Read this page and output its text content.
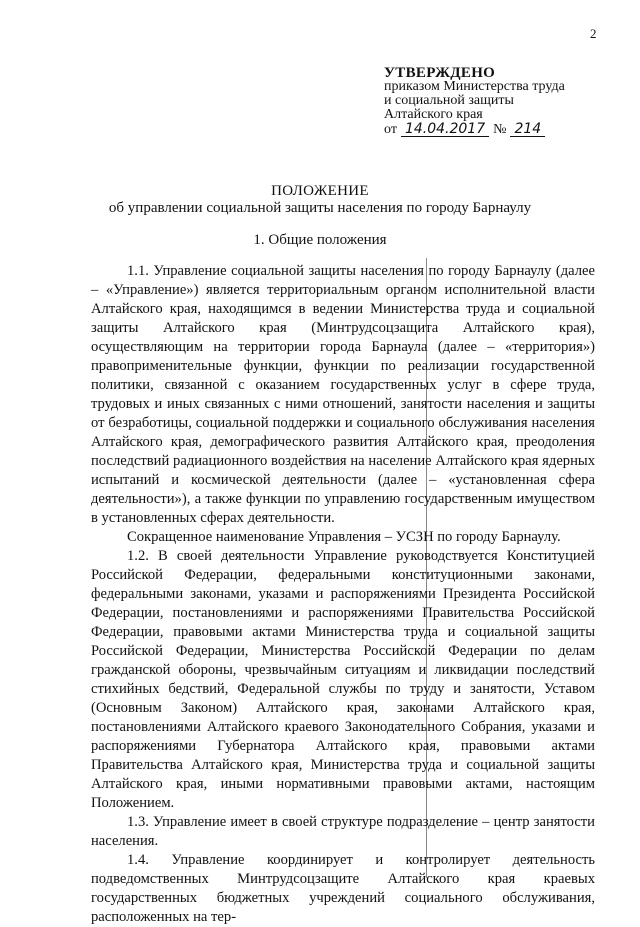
2
УТВЕРЖДЕНО
приказом Министерства труда
и социальной защиты
Алтайского края
от 14.04.2017 № 214
ПОЛОЖЕНИЕ
об управлении социальной защиты населения по городу Барнаулу
1. Общие положения

1.1. Управление социальной защиты населения по городу Барнаулу (далее – «Управление») является территориальным органом исполнительной власти Алтайского края, находящимся в ведении Министерства труда и социальной защиты Алтайского края (Минтрудсоцзащита Алтайского края), осуществляющим на территории города Барнаула (далее – «территория») правоприменительные функции, функции по реализации государственной политики, связанной с оказанием государственных услуг в сфере труда, трудовых и иных связанных с ними отношений, занятости населения и защиты от безработицы, социальной поддержки и социального обслуживания населения Алтайского края, демографического развития Алтайского края, преодоления последствий радиационного воздействия на население Алтайского края ядерных испытаний и космической деятельности (далее – «установленная сфера деятельности»), а также функции по управлению государственным имуществом в установленных сферах деятельности.

Сокращенное наименование Управления – УСЗН по городу Барнаулу.

1.2. В своей деятельности Управление руководствуется Конституцией Российской Федерации, федеральными конституционными законами, федеральными законами, указами и распоряжениями Президента Российской Федерации, постановлениями и распоряжениями Правительства Российской Федерации, правовыми актами Министерства труда и социальной защиты Российской Федерации, Министерства Российской Федерации по делам гражданской обороны, чрезвычайным ситуациям и ликвидации последствий стихийных бедствий, Федеральной службы по труду и занятости, Уставом (Основным Законом) Алтайского края, законами Алтайского края, постановлениями Алтайского краевого Законодательного Собрания, указами и распоряжениями Губернатора Алтайского края, правовыми актами Правительства Алтайского края, Министерства труда и социальной защиты Алтайского края, иными нормативными правовыми актами, настоящим Положением.

1.3. Управление имеет в своей структуре подразделение – центр занятости населения.

1.4. Управление координирует и контролирует деятельность подведомственных Минтрудсоцзащите Алтайского края краевых государственных бюджетных учреждений социального обслуживания, расположенных на тер-
